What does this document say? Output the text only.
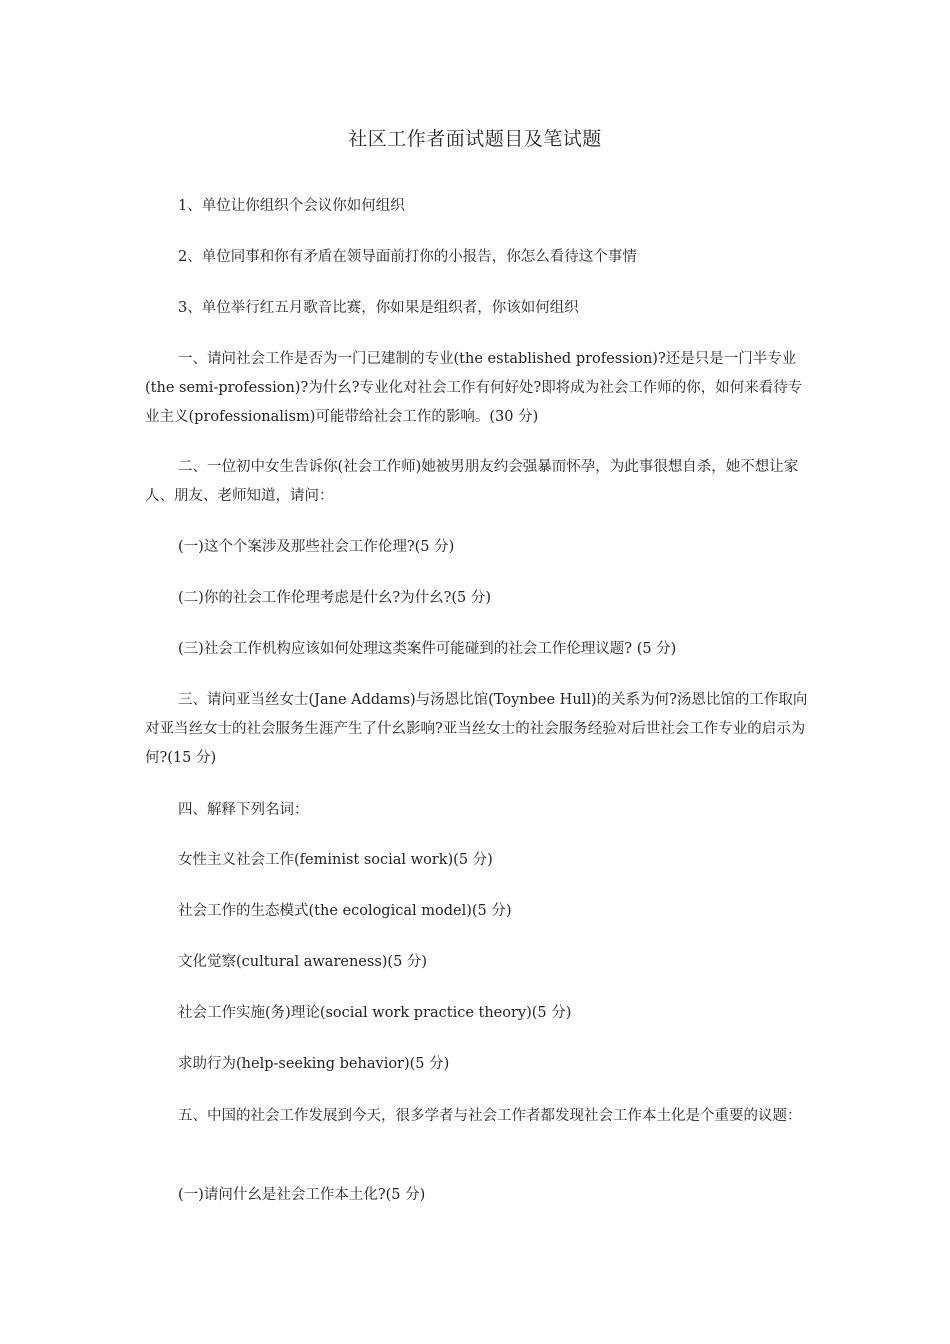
社区工作者面试题目及笔试题
1、单位让你组织个会议你如何组织
2、单位同事和你有矛盾在领导面前打你的小报告，你怎么看待这个事情
3、单位举行红五月歌音比赛，你如果是组织者，你该如何组织
一、请问社会工作是否为一门已建制的专业(the established profession)?还是只是一门半专业(the semi-profession)?为什幺?专业化对社会工作有何好处?即将成为社会工作师的你，如何来看待专业主义(professionalism)可能带给社会工作的影响。(30 分)
二、一位初中女生告诉你(社会工作师)她被男朋友约会强暴而怀孕，为此事很想自杀，她不想让家人、朋友、老师知道，请问：
(一)这个个案涉及那些社会工作伦理?(5 分)
(二)你的社会工作伦理考虑是什幺?为什幺?(5 分)
(三)社会工作机构应该如何处理这类案件可能碰到的社会工作伦理议题? (5 分)
三、请问亚当丝女士(Jane Addams)与汤恩比馆(Toynbee Hull)的关系为何?汤恩比馆的工作取向对亚当丝女士的社会服务生涯产生了什幺影响?亚当丝女士的社会服务经验对后世社会工作专业的启示为何?(15 分)
四、解释下列名词：
女性主义社会工作(feminist social work)(5 分)
社会工作的生态模式(the ecological model)(5 分)
文化觉察(cultural awareness)(5 分)
社会工作实施(务)理论(social work practice theory)(5 分)
求助行为(help-seeking behavior)(5 分)
五、中国的社会工作发展到今天，很多学者与社会工作者都发现社会工作本土化是个重要的议题：
(一)请问什幺是社会工作本土化?(5 分)
